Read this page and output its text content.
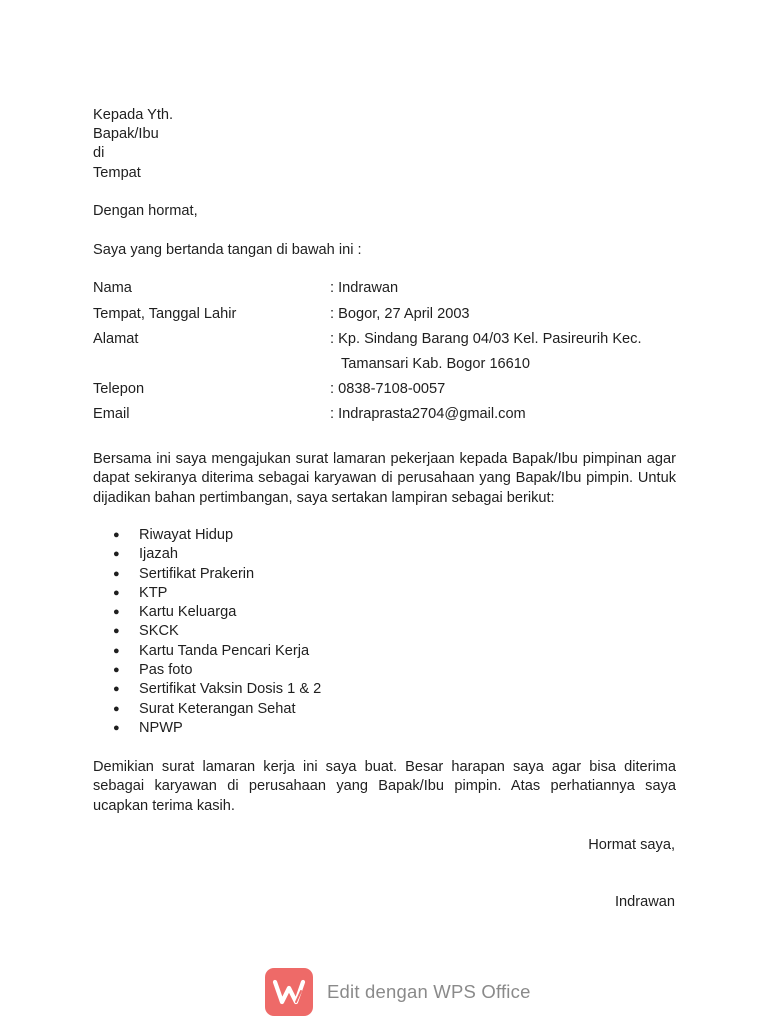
Kepada Yth.
Bapak/Ibu
di
Tempat
Dengan hormat,
Saya yang bertanda tangan di bawah ini :
Nama	: Indrawan
Tempat, Tanggal Lahir	: Bogor, 27 April 2003
Alamat	: Kp. Sindang Barang 04/03 Kel. Pasireurih Kec.
Tamansari Kab. Bogor 16610
Telepon	: 0838-7108-0057
Email	: Indraprasta2704@gmail.com
Bersama ini saya mengajukan surat lamaran pekerjaan kepada Bapak/Ibu pimpinan agar dapat sekiranya diterima sebagai karyawan di perusahaan yang Bapak/Ibu pimpin. Untuk dijadikan bahan pertimbangan, saya sertakan lampiran sebagai berikut:
● Riwayat Hidup
● Ijazah
● Sertifikat Prakerin
● KTP
● Kartu Keluarga
● SKCK
● Kartu Tanda Pencari Kerja
● Pas foto
● Sertifikat Vaksin Dosis 1 & 2
● Surat Keterangan Sehat
● NPWP
Demikian surat lamaran kerja ini saya buat. Besar harapan saya agar bisa diterima sebagai karyawan di perusahaan yang Bapak/Ibu pimpin. Atas perhatiannya saya ucapkan terima kasih.
Hormat saya,
Indrawan
Edit dengan WPS Office
